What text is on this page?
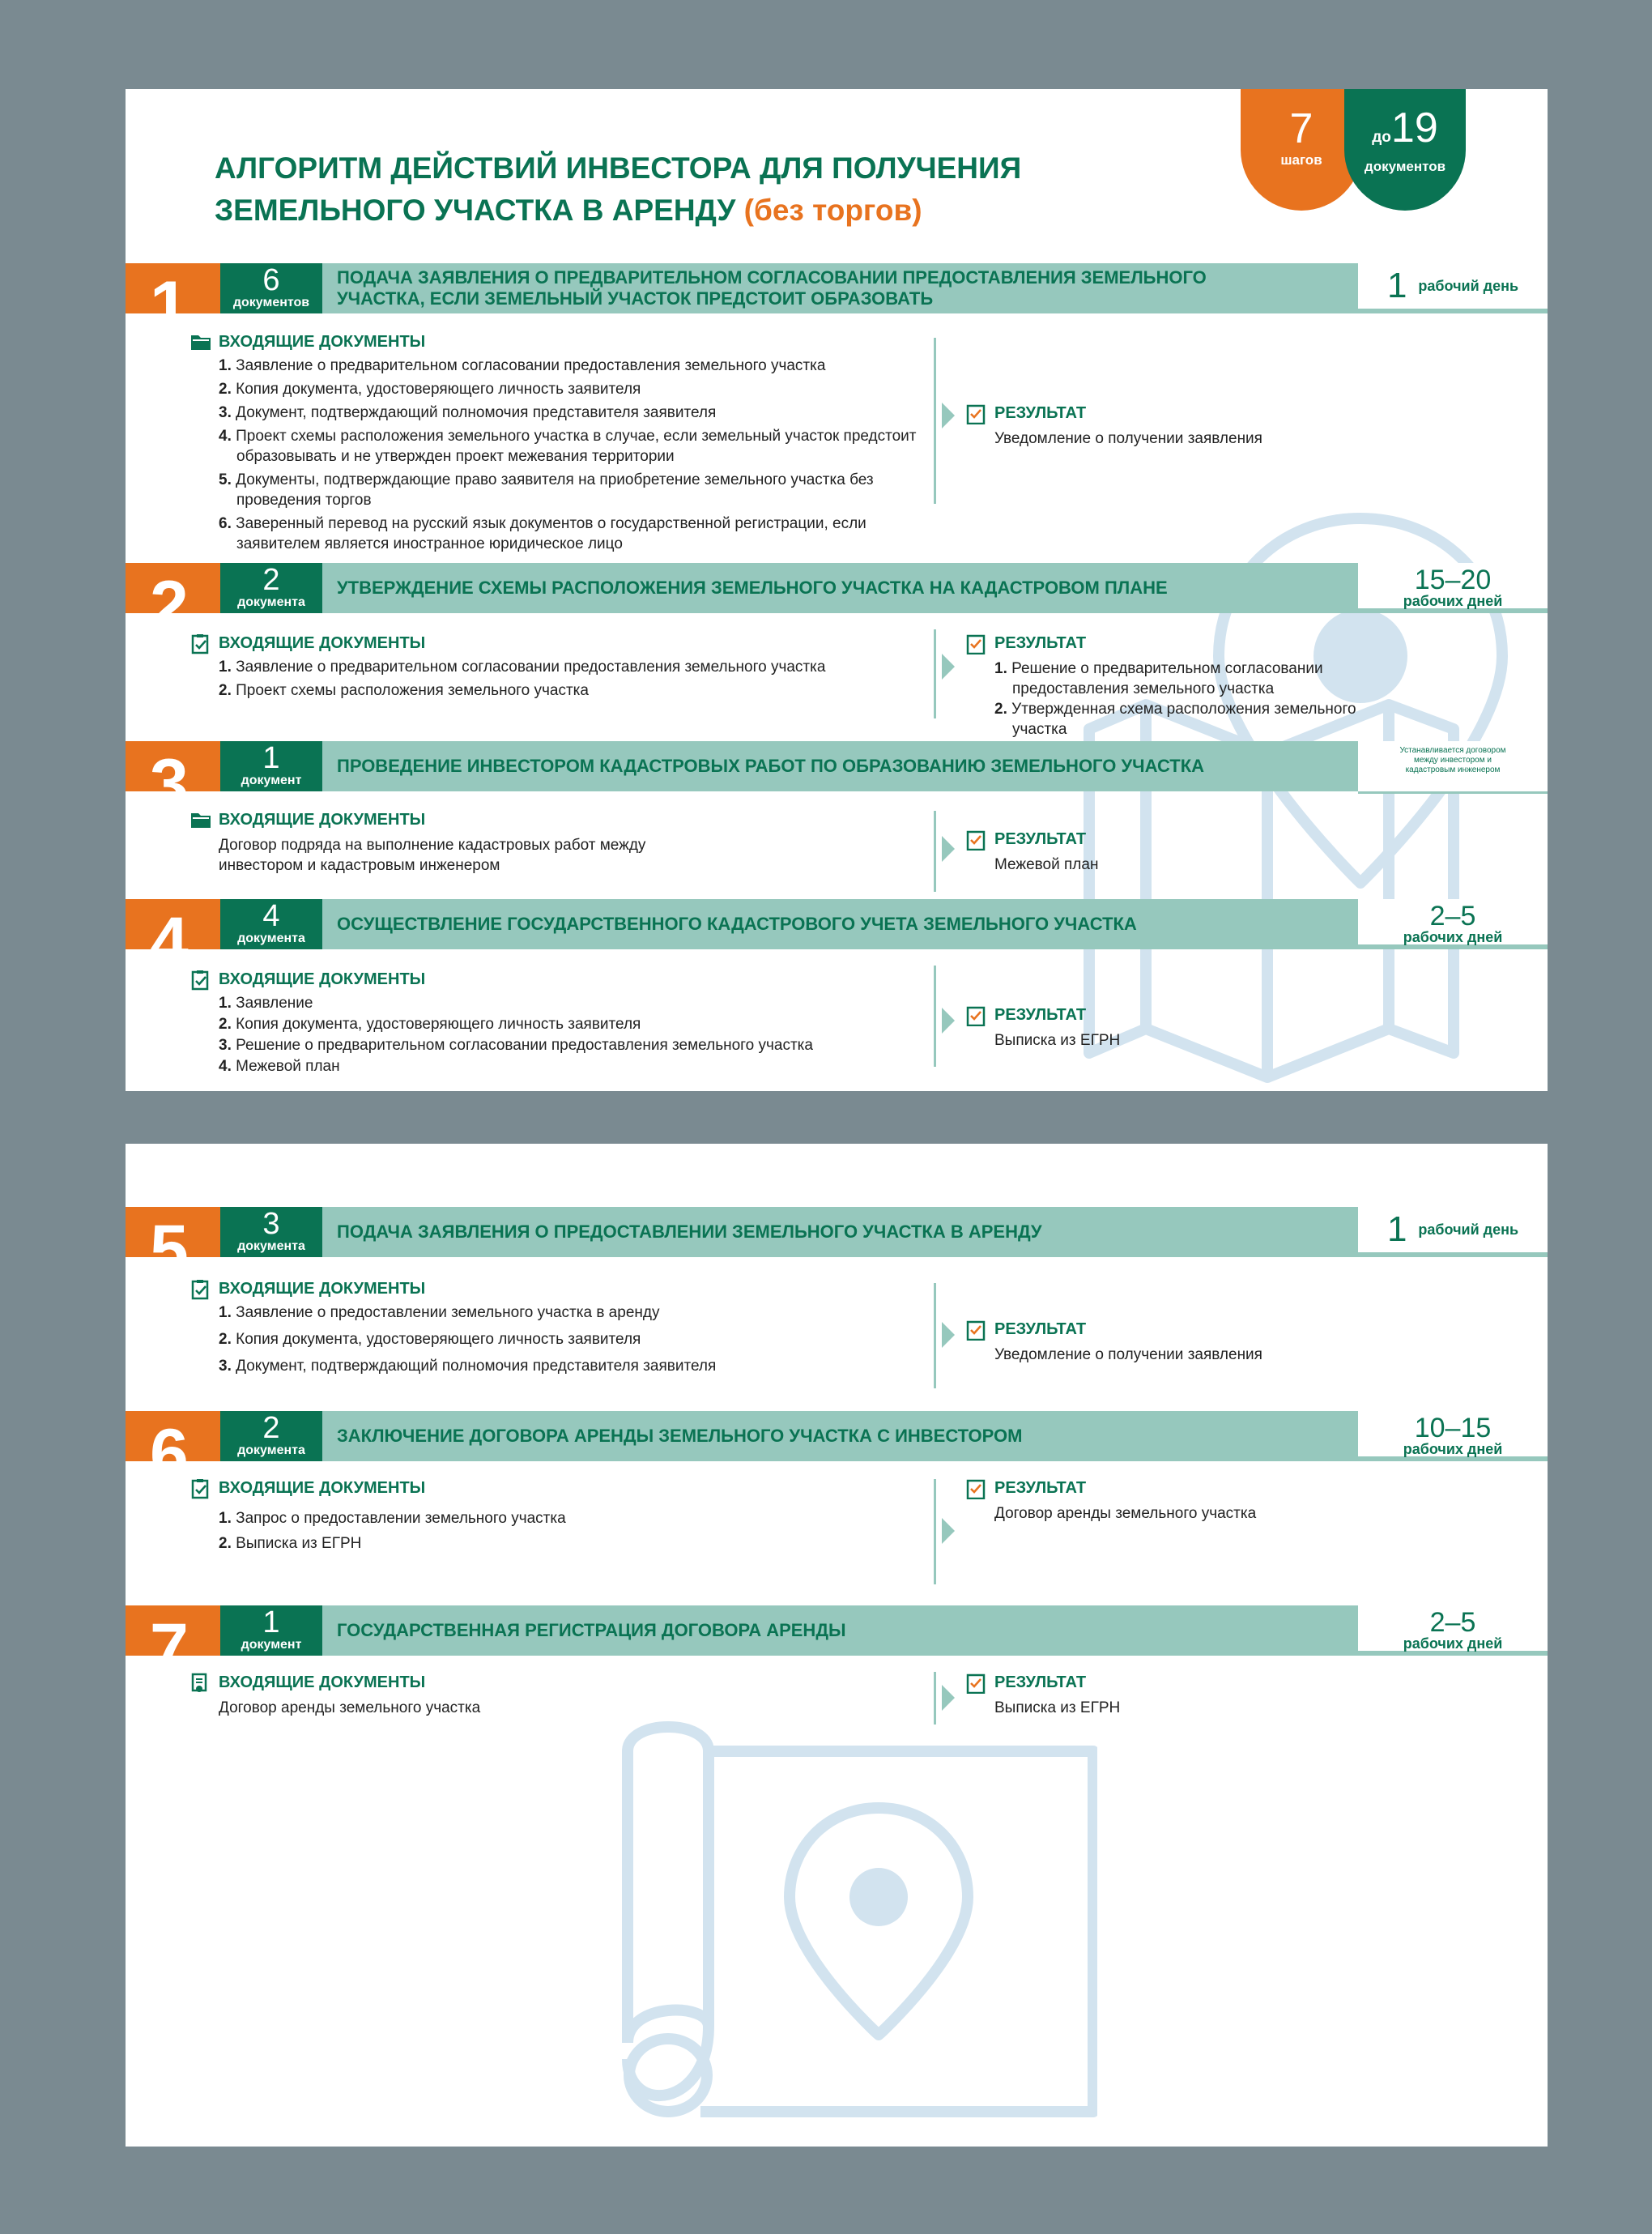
АЛГОРИТМ ДЕЙСТВИЙ ИНВЕСТОРА ДЛЯ ПОЛУЧЕНИЯ
ЗЕМЕЛЬНОГО УЧАСТКА В АРЕНДУ (без торгов)
7
шагов
до19
документов
1	6
документов
ПОДАЧА ЗАЯВЛЕНИЯ О ПРЕДВАРИТЕЛЬНОМ СОГЛАСОВАНИИ ПРЕДОСТАВЛЕНИЯ ЗЕМЕЛЬНОГО УЧАСТКА, ЕСЛИ ЗЕМЕЛЬНЫЙ УЧАСТОК ПРЕДСТОИТ ОБРАЗОВАТЬ	1 рабочий день
ВХОДЯЩИЕ ДОКУМЕНТЫ
1. Заявление о предварительном согласовании предоставления земельного участка
2. Копия документа, удостоверяющего личность заявителя
3. Документ, подтверждающий полномочия представителя заявителя
4. Проект схемы расположения земельного участка в случае, если земельный участок предстоит образовывать и не утвержден проект межевания территории
5. Документы, подтверждающие право заявителя на приобретение земельного участка без проведения торгов
6. Заверенный перевод на русский язык документов о государственной регистрации, если заявителем является иностранное юридическое лицо
РЕЗУЛЬТАТ
Уведомление о получении заявления
2	2
документа
УТВЕРЖДЕНИЕ СХЕМЫ РАСПОЛОЖЕНИЯ ЗЕМЕЛЬНОГО УЧАСТКА НА КАДАСТРОВОМ ПЛАНЕ	15–20
рабочих дней
ВХОДЯЩИЕ ДОКУМЕНТЫ
1. Заявление о предварительном согласовании предоставления земельного участка
2. Проект схемы расположения земельного участка
РЕЗУЛЬТАТ
1. Решение о предварительном согласовании предоставления земельного участка
2. Утвержденная схема расположения земельного участка
3	1
документ
ПРОВЕДЕНИЕ ИНВЕСТОРОМ КАДАСТРОВЫХ РАБОТ ПО ОБРАЗОВАНИЮ ЗЕМЕЛЬНОГО УЧАСТКА
Устанавливается договором между инвестором и кадастровым инженером
ВХОДЯЩИЕ ДОКУМЕНТЫ
Договор подряда на выполнение кадастровых работ между инвестором и кадастровым инженером
РЕЗУЛЬТАТ
Межевой план
4	4
документа
ОСУЩЕСТВЛЕНИЕ ГОСУДАРСТВЕННОГО КАДАСТРОВОГО УЧЕТА ЗЕМЕЛЬНОГО УЧАСТКА	2–5
рабочих дней
ВХОДЯЩИЕ ДОКУМЕНТЫ
1. Заявление
2. Копия документа, удостоверяющего личность заявителя
3. Решение о предварительном согласовании предоставления земельного участка
4. Межевой план
РЕЗУЛЬТАТ
Выписка из ЕГРН
5	3
документа
ПОДАЧА ЗАЯВЛЕНИЯ О ПРЕДОСТАВЛЕНИИ ЗЕМЕЛЬНОГО УЧАСТКА В АРЕНДУ	1 рабочий день
ВХОДЯЩИЕ ДОКУМЕНТЫ
1. Заявление о предоставлении земельного участка в аренду
2. Копия документа, удостоверяющего личность заявителя
3. Документ, подтверждающий полномочия представителя заявителя
РЕЗУЛЬТАТ
Уведомление о получении заявления
6	2
документа
ЗАКЛЮЧЕНИЕ ДОГОВОРА АРЕНДЫ ЗЕМЕЛЬНОГО УЧАСТКА С ИНВЕСТОРОМ	10–15
рабочих дней
ВХОДЯЩИЕ ДОКУМЕНТЫ
1. Запрос о предоставлении земельного участка
2. Выписка из ЕГРН
РЕЗУЛЬТАТ
Договор аренды земельного участка
7	1
документ
ГОСУДАРСТВЕННАЯ РЕГИСТРАЦИЯ ДОГОВОРА АРЕНДЫ	2–5
рабочих дней
ВХОДЯЩИЕ ДОКУМЕНТЫ
Договор аренды земельного участка
РЕЗУЛЬТАТ
Выписка из ЕГРН
